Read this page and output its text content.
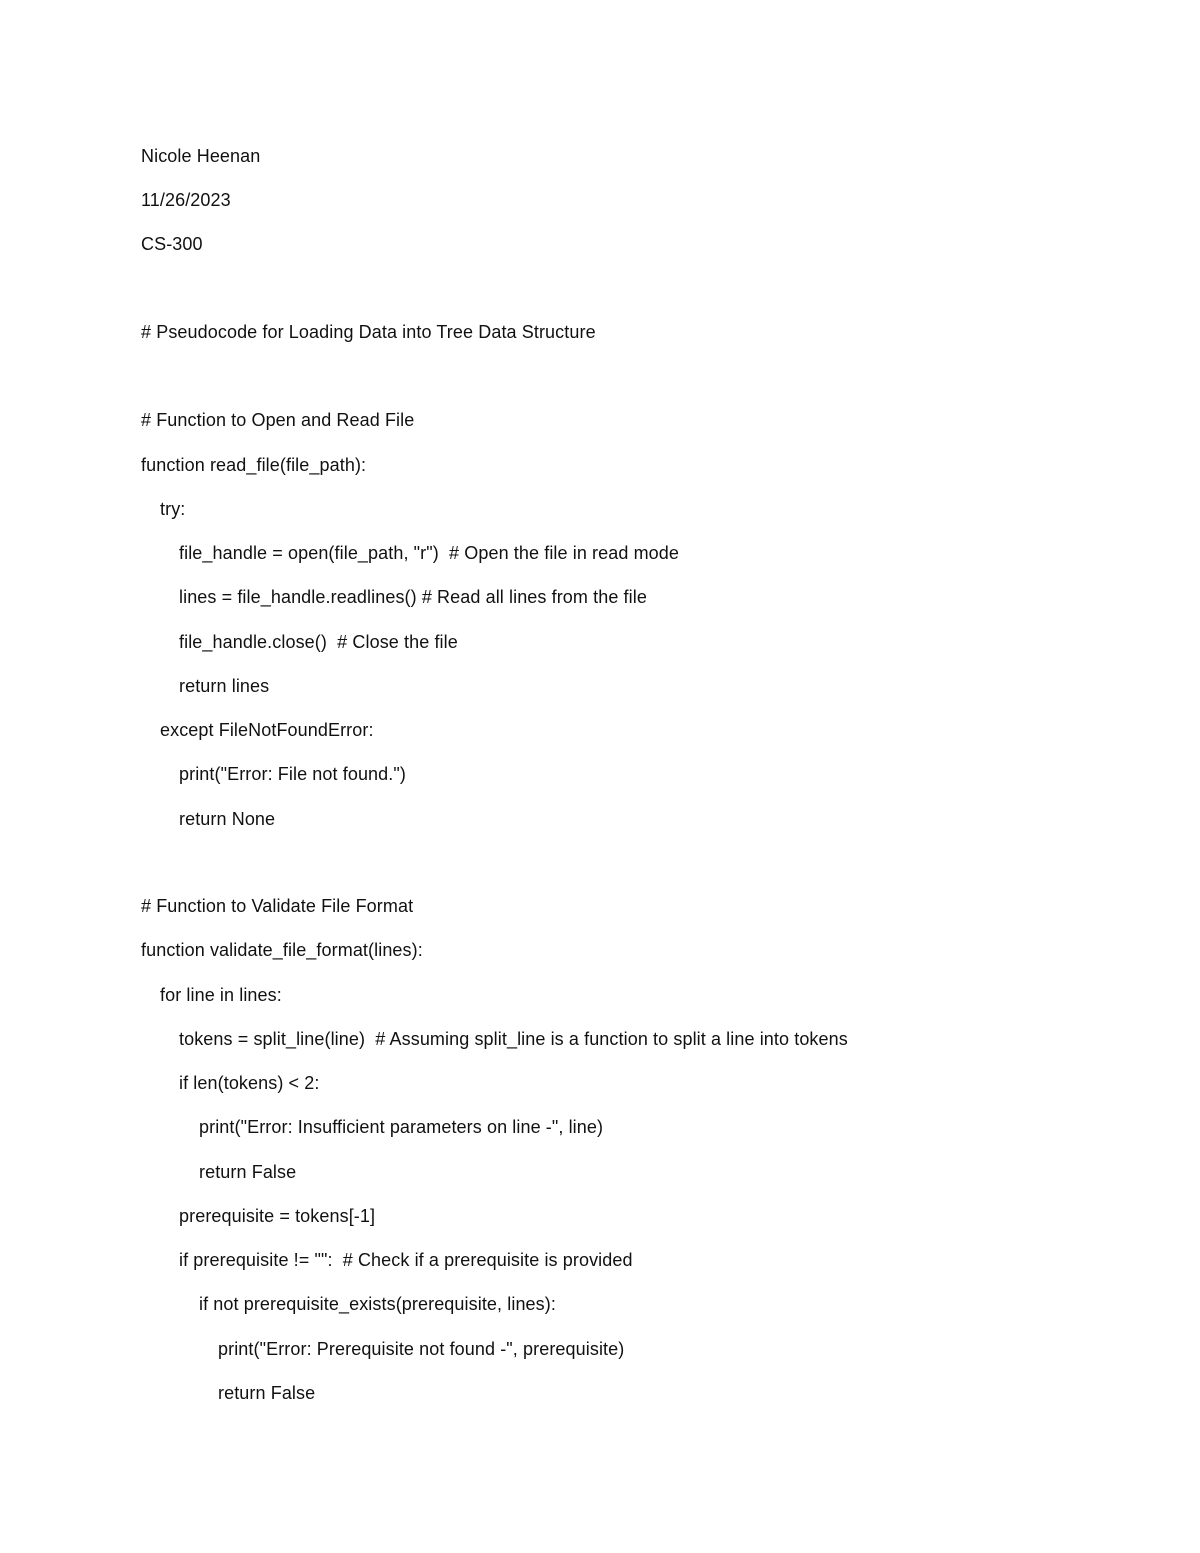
Nicole Heenan
11/26/2023
CS-300
# Pseudocode for Loading Data into Tree Data Structure
# Function to Open and Read File
function read_file(file_path):
try:
file_handle = open(file_path, "r")  # Open the file in read mode
lines = file_handle.readlines() # Read all lines from the file
file_handle.close()  # Close the file
return lines
except FileNotFoundError:
print("Error: File not found.")
return None
# Function to Validate File Format
function validate_file_format(lines):
for line in lines:
tokens = split_line(line)  # Assuming split_line is a function to split a line into tokens
if len(tokens) < 2:
print("Error: Insufficient parameters on line -", line)
return False
prerequisite = tokens[-1]
if prerequisite != "":  # Check if a prerequisite is provided
if not prerequisite_exists(prerequisite, lines):
print("Error: Prerequisite not found -", prerequisite)
return False
